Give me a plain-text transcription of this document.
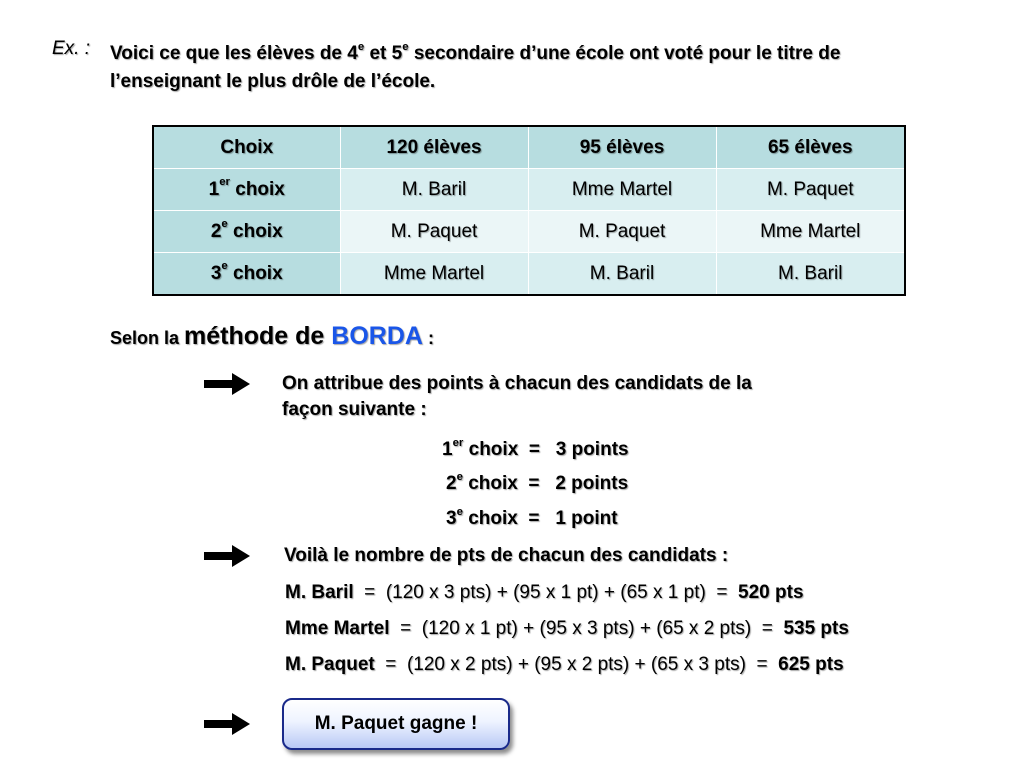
Ex. : Voici ce que les élèves de 4e et 5e secondaire d’une école ont voté pour le titre de
l’enseignant le plus drôle de l’école.
Choix	120 élèves	95 élèves	65 élèves
1er choix	M. Baril	Mme Martel	M. Paquet
2e choix	M. Paquet	M. Paquet	Mme Martel
3e choix	Mme Martel	M. Baril	M. Baril
Selon la méthode de BORDA :
On attribue des points à chacun des candidats de la
façon suivante :
1er choix  =   3 points
2e choix  =   2 points
3e choix  =   1 point
Voilà le nombre de pts de chacun des candidats :
M. Baril  =  (120 x 3 pts) + (95 x 1 pt) + (65 x 1 pt)  =  520 pts
Mme Martel  =  (120 x 1 pt) + (95 x 3 pts) + (65 x 2 pts)  =  535 pts
M. Paquet  =  (120 x 2 pts) + (95 x 2 pts) + (65 x 3 pts)  =  625 pts
M. Paquet gagne !
